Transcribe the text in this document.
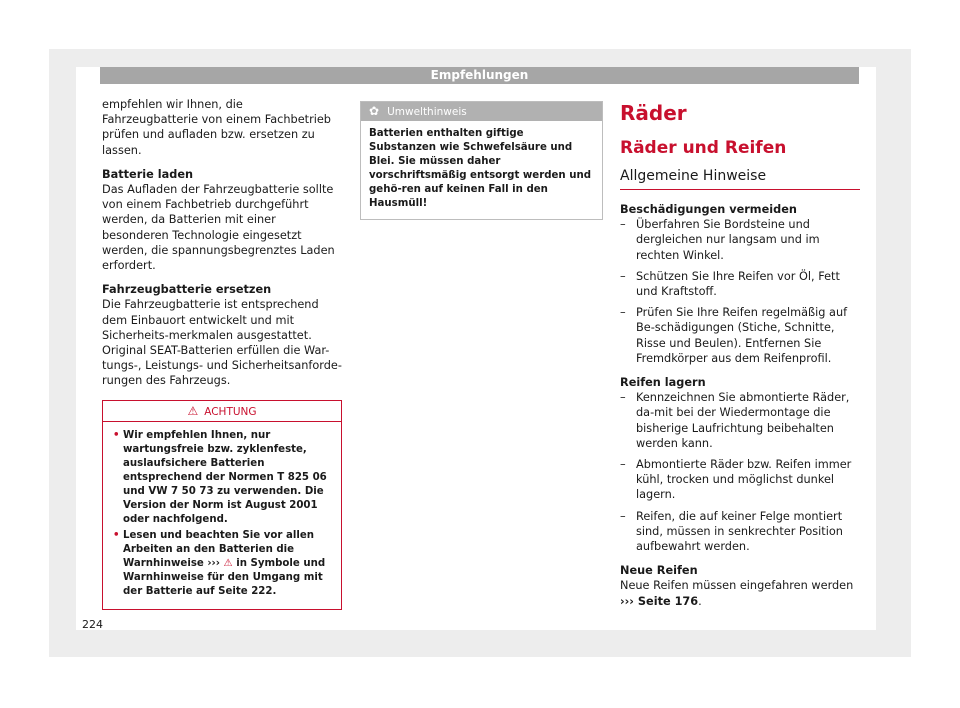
Empfehlungen

empfehlen wir Ihnen, die Fahrzeugbatterie von einem Fachbetrieb prüfen und aufladen bzw. ersetzen zu lassen.

Batterie laden

Das Aufladen der Fahrzeugbatterie sollte von einem Fachbetrieb durchgeführt werden, da Batterien mit einer besonderen Technologie eingesetzt werden, die spannungsbegrenztes Laden erfordert.

Fahrzeugbatterie ersetzen

Die Fahrzeugbatterie ist entsprechend dem Einbauort entwickelt und mit Sicherheits-merkmalen ausgestattet.

Original SEAT-Batterien erfüllen die War-tungs-, Leistungs- und Sicherheitsanforde-rungen des Fahrzeugs.

⚠ ACHTUNG
• Wir empfehlen Ihnen, nur wartungsfreie bzw. zyklenfeste, auslaufsichere Batterien entsprechend der Normen T 825 06 und VW 7 50 73 zu verwenden. Die Version der Norm ist August 2001 oder nachfolgend.
• Lesen und beachten Sie vor allen Arbeiten an den Batterien die Warnhinweise ››› ⚠ in Symbole und Warnhinweise für den Umgang mit der Batterie auf Seite 222.
✿ Umwelthinweis
Batterien enthalten giftige Substanzen wie Schwefelsäure und Blei. Sie müssen daher vorschriftsmäßig entsorgt werden und gehö-ren auf keinen Fall in den Hausmüll!
Räder
Räder und Reifen
Allgemeine Hinweise

Beschädigungen vermeiden

– Überfahren Sie Bordsteine und dergleichen nur langsam und im rechten Winkel.
– Schützen Sie Ihre Reifen vor Öl, Fett und Kraftstoff.
– Prüfen Sie Ihre Reifen regelmäßig auf Be-schädigungen (Stiche, Schnitte, Risse und Beulen). Entfernen Sie Fremdkörper aus dem Reifenprofil.

Reifen lagern

– Kennzeichnen Sie abmontierte Räder, da-mit bei der Wiedermontage die bisherige Laufrichtung beibehalten werden kann.
– Abmontierte Räder bzw. Reifen immer kühl, trocken und möglichst dunkel lagern.
– Reifen, die auf keiner Felge montiert sind, müssen in senkrechter Position aufbewahrt werden.

Neue Reifen

Neue Reifen müssen eingefahren werden
››› Seite 176.

224
